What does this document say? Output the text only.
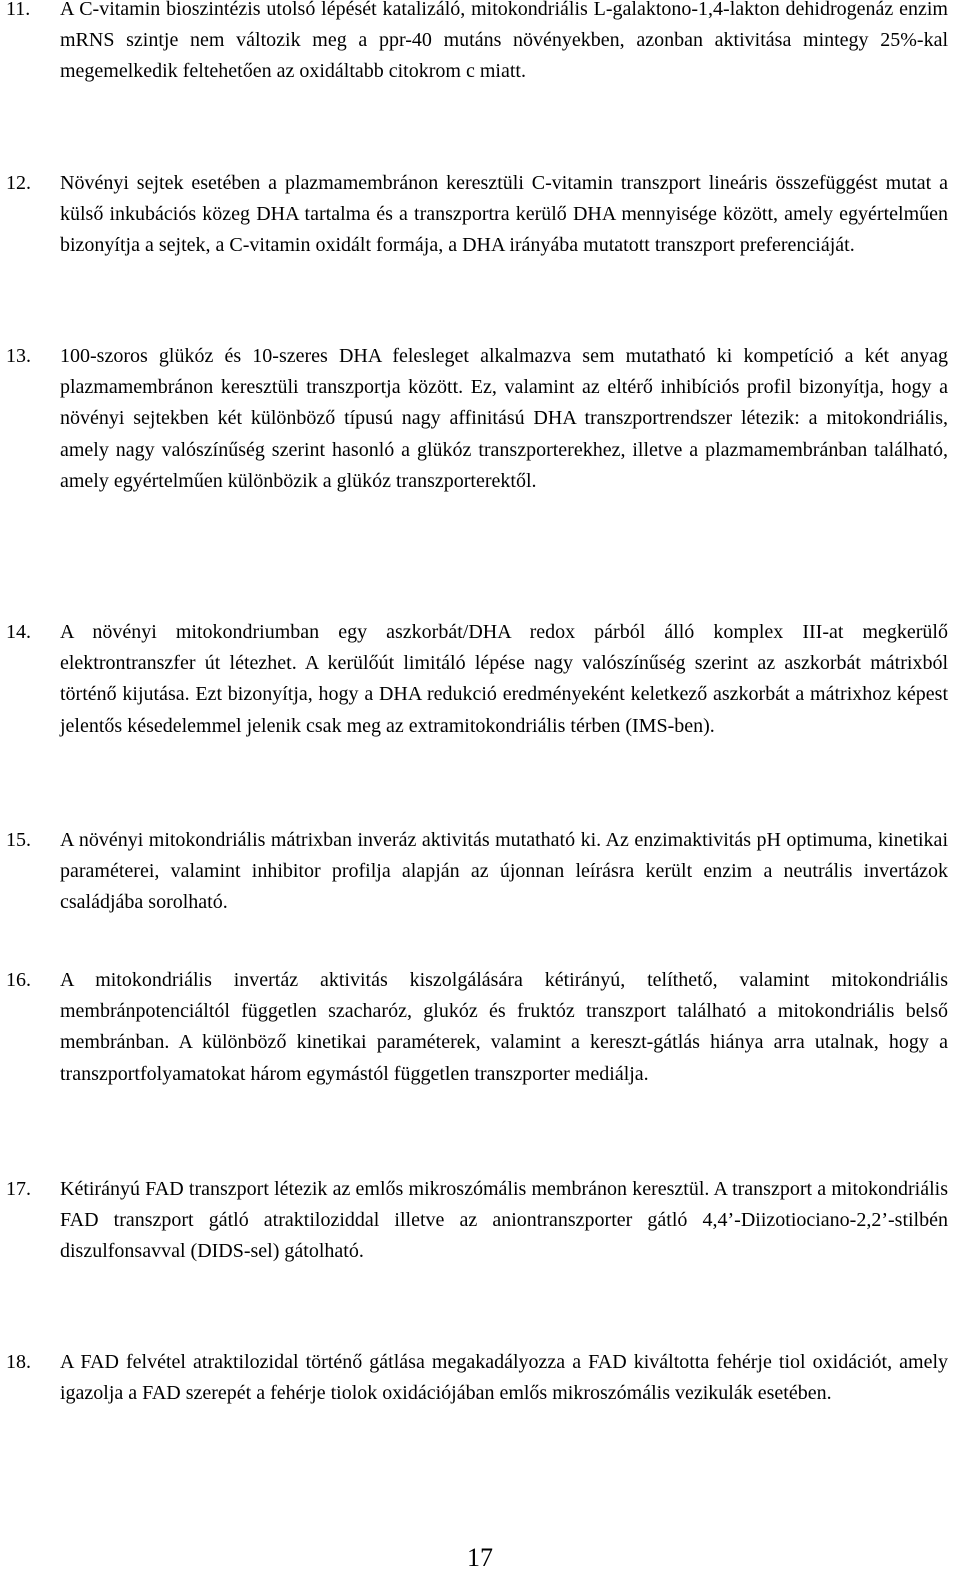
11. A C-vitamin bioszintézis utolsó lépését katalizáló, mitokondriális L-galaktono-1,4-lakton dehidrogenáz enzim mRNS szintje nem változik meg a ppr-40 mutáns növényekben, azonban aktivitása mintegy 25%-kal megemelkedik feltehetően az oxidáltabb citokrom c miatt.
12. Növényi sejtek esetében a plazmamembránon keresztüli C-vitamin transzport lineáris összefüggést mutat a külső inkubációs közeg DHA tartalma és a transzportra kerülő DHA mennyisége között, amely egyértelműen bizonyítja a sejtek, a C-vitamin oxidált formája, a DHA irányába mutatott transzport preferenciáját.
13. 100-szoros glükóz és 10-szeres DHA felesleget alkalmazva sem mutatható ki kompetíció a két anyag plazmamembránon keresztüli transzportja között. Ez, valamint az eltérő inhibíciós profil bizonyítja, hogy a növényi sejtekben két különböző típusú nagy affinitású DHA transzportrendszer létezik: a mitokondriális, amely nagy valószínűség szerint hasonló a glükóz transzporterekhez, illetve a plazmamembránban található, amely egyértelműen különbözik a glükóz transzporterektől.
14. A növényi mitokondriumban egy aszkorbát/DHA redox párból álló komplex III-at megkerülő elektrontranszfer út létezhet. A kerülőút limitáló lépése nagy valószínűség szerint az aszkorbát mátrixból történő kijutása. Ezt bizonyítja, hogy a DHA redukció eredményeként keletkező aszkorbát a mátrixhoz képest jelentős késedelemmel jelenik csak meg az extramitokondriális térben (IMS-ben).
15. A növényi mitokondriális mátrixban inveráz aktivitás mutatható ki. Az enzimaktivitás pH optimuma, kinetikai paraméterei, valamint inhibitor profilja alapján az újonnan leírásra került enzim a neutrális invertázok családjába sorolható.
16. A mitokondriális invertáz aktivitás kiszolgálására kétirányú, telíthető, valamint mitokondriális membránpotenciáltól független szacharóz, glukóz és fruktóz transzport található a mitokondriális belső membránban. A különböző kinetikai paraméterek, valamint a kereszt-gátlás hiánya arra utalnak, hogy a transzportfolyamatokat három egymástól független transzporter mediálja.
17. Kétirányú FAD transzport létezik az emlős mikroszómális membránon keresztül. A transzport a mitokondriális FAD transzport gátló atraktiloziddal illetve az aniontranszporter gátló 4,4’-Diizotiociano-2,2’-stilbén diszulfonsavval (DIDS-sel) gátolható.
18. A FAD felvétel atraktilozidal történő gátlása megakadályozza a FAD kiváltotta fehérje tiol oxidációt, amely igazolja a FAD szerepét a fehérje tiolok oxidációjában emlős mikroszómális vezikulák esetében.
17
